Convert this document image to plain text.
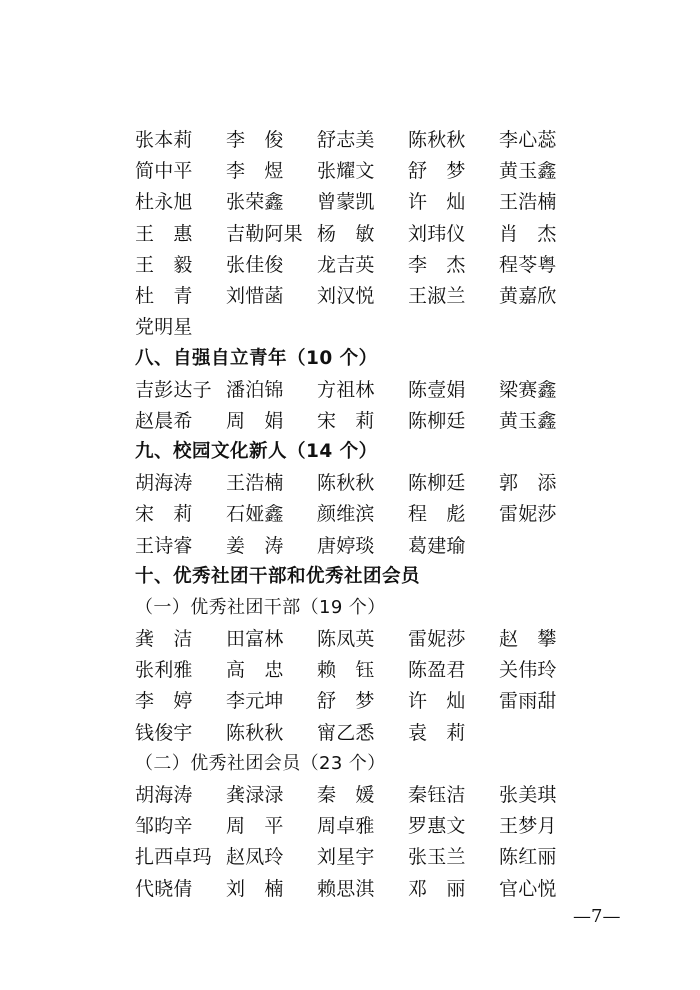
张本莉	李　俊	舒志美	陈秋秋	李心蕊
简中平	李　煜	张耀文	舒　梦	黄玉鑫
杜永旭	张荣鑫	曾蒙凯	许　灿	王浩楠
王　惠	吉勒阿果 杨　敏	刘玮仪	肖　杰
王　毅	张佳俊	龙吉英	李　杰	程苓粤
杜　青	刘惜菡	刘汉悦	王淑兰	黄嘉欣
党明星
八、自强自立青年（10 个）
吉彭达子 潘泊锦	方祖林	陈壹娟	梁赛鑫
赵晨希	周　娟	宋　莉	陈柳廷	黄玉鑫
九、校园文化新人（14 个）
胡海涛	王浩楠	陈秋秋	陈柳廷	郭　添
宋　莉	石娅鑫	颜维滨	程　彪	雷妮莎
王诗睿	姜　涛	唐婷琰	葛建瑜
十、优秀社团干部和优秀社团会员
（一）优秀社团干部（19 个）
龚　洁	田富林	陈凤英	雷妮莎	赵　攀
张利雅	高　忠	赖　钰	陈盈君	关伟玲
李　婷	李元坤	舒　梦	许　灿	雷雨甜
钱俊宇	陈秋秋	甯乙悉	袁　莉
（二）优秀社团会员（23 个）
胡海涛	龚渌渌	秦　媛	秦钰洁	张美琪
邹昀辛	周　平	周卓雅	罗惠文	王梦月
扎西卓玛 赵凤玲	刘星宇	张玉兰	陈红丽
代晓倩	刘　楠	赖思淇	邓　丽	官心悦
—7—
